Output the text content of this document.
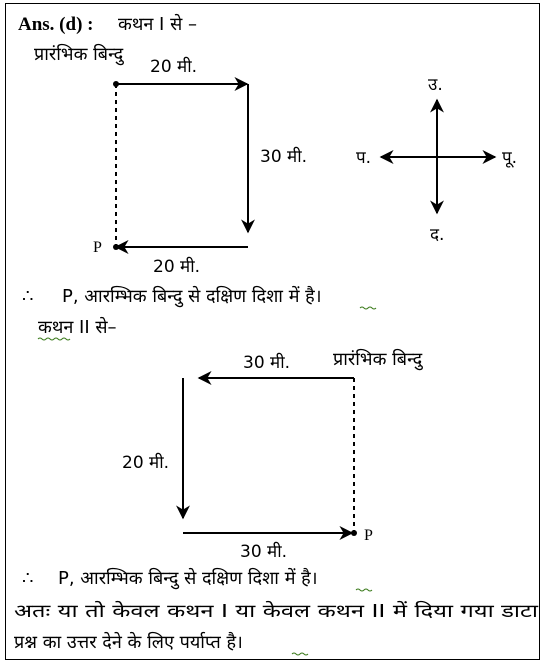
Ans. (d) : कथन I से –
प्रारंभिक बिन्दु
20 मी.
30 मी.
20 मी.
P
उ.
द.
प.	पू.
∴ P, आरम्भिक बिन्दु से दक्षिण दिशा में है।
कथन II से–
प्रारंभिक बिन्दु
30 मी.
20 मी.
30 मी.
P
∴ P, आरम्भिक बिन्दु से दक्षिण दिशा में है।
अतः या तो केवल कथन I या केवल कथन II में दिया गया डाटा
प्रश्न का उत्तर देने के लिए पर्याप्त है।
